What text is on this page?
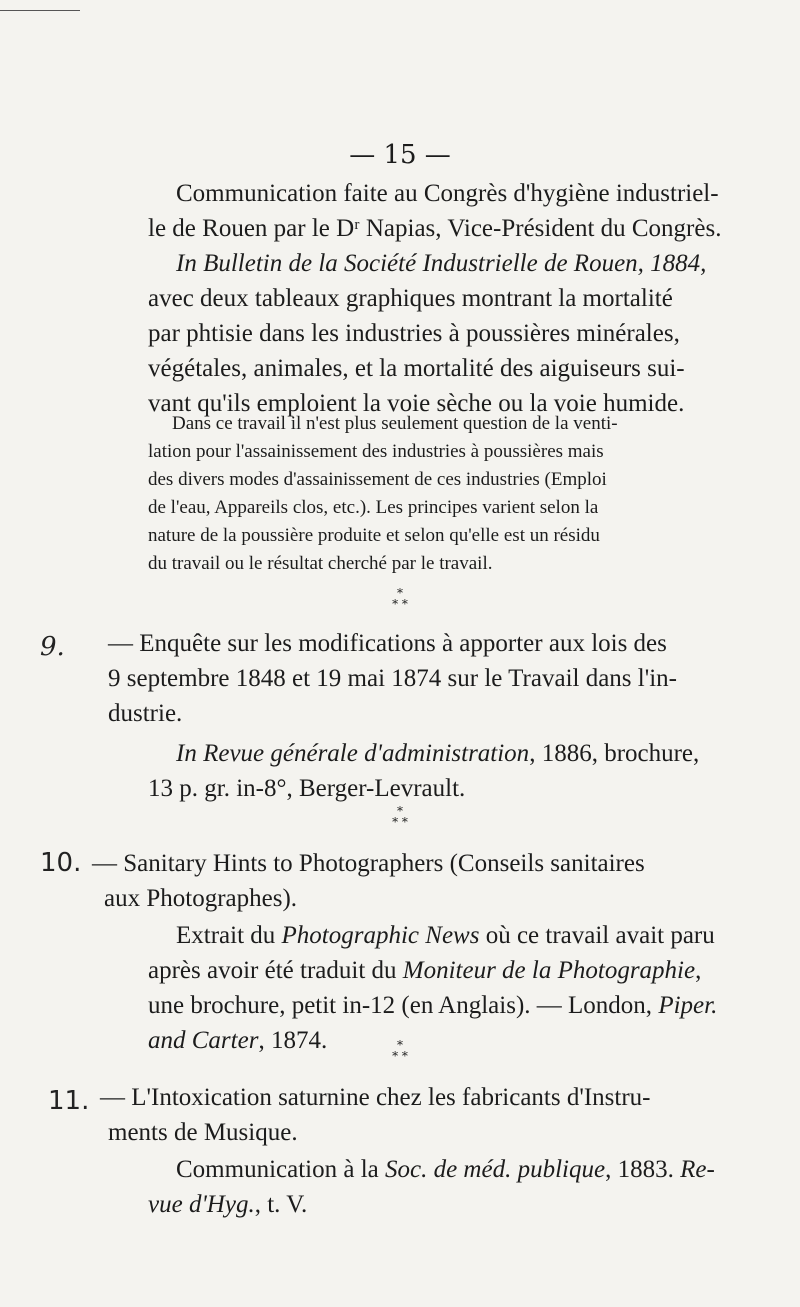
— 15 —
Communication faite au Congrès d'hygiène industriel-
le de Rouen par le Dʳ Napias, Vice-Président du Congrès.
In Bulletin de la Société Industrielle de Rouen, 1884,
avec deux tableaux graphiques montrant la mortalité
par phtisie dans les industries à poussières minérales,
végétales, animales, et la mortalité des aiguiseurs sui-
vant qu'ils emploient la voie sèche ou la voie humide.
Dans ce travail il n'est plus seulement question de la venti-
lation pour l'assainissement des industries à poussières mais
des divers modes d'assainissement de ces industries (Emploi
de l'eau, Appareils clos, etc.). Les principes varient selon la
nature de la poussière produite et selon qu'elle est un résidu
du travail ou le résultat cherché par le travail.
*
* *
9. — Enquête sur les modifications à apporter aux lois des
9 septembre 1848 et 19 mai 1874 sur le Travail dans l'in-
dustrie.
In Revue générale d'administration, 1886, brochure,
13 p. gr. in-8°, Berger-Levrault.
*
* *
10. — Sanitary Hints to Photographers (Conseils sanitaires
aux Photographes).
Extrait du Photographic News où ce travail avait paru
après avoir été traduit du Moniteur de la Photographie,
une brochure, petit in-12 (en Anglais). — London, Piper.
and Carter, 1874.	*
* *
11. — L'Intoxication saturnine chez les fabricants d'Instru-
ments de Musique.
Communication à la Soc. de méd. publique, 1883. Re-
vue d'Hyg., t. V.
